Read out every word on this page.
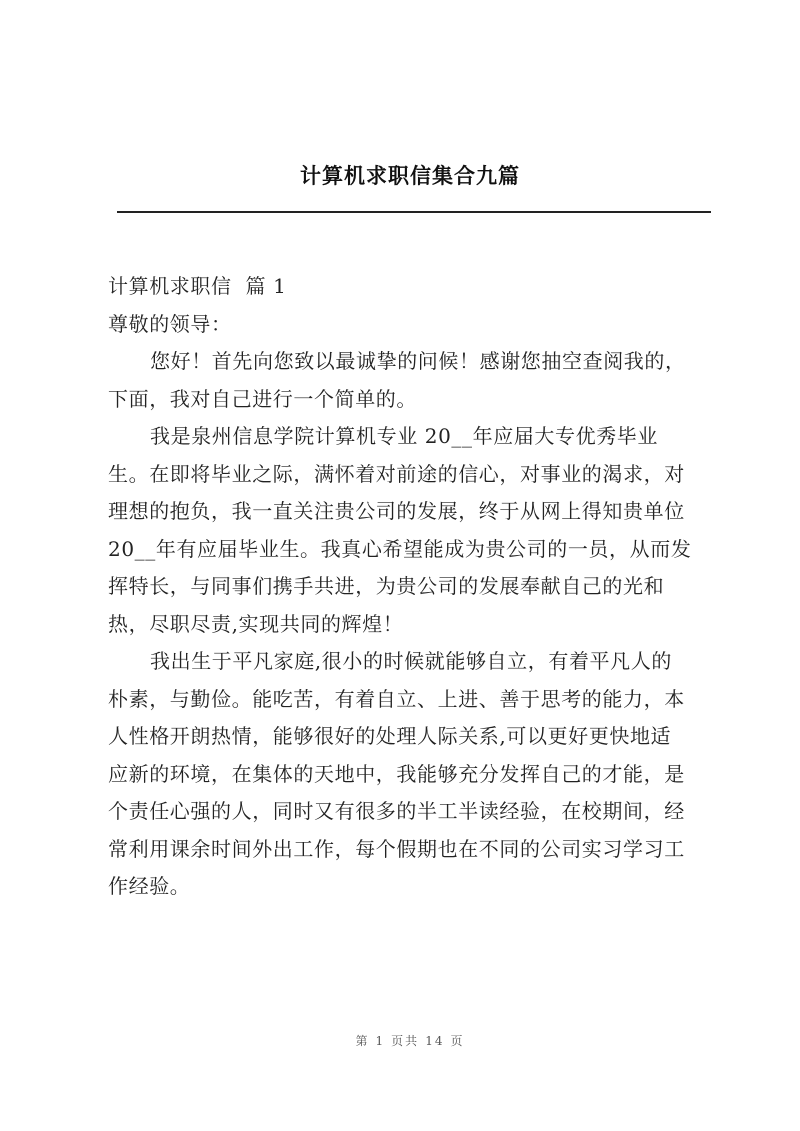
计算机求职信集合九篇
计算机求职信  篇 1
尊敬的领导：
您好！首先向您致以最诚挚的问候！感谢您抽空查阅我的，
下面，我对自己进行一个简单的。
我是泉州信息学院计算机专业 20__年应届大专优秀毕业
生。在即将毕业之际，满怀着对前途的信心，对事业的渴求，对
理想的抱负，我一直关注贵公司的发展，终于从网上得知贵单位
20__年有应届毕业生。我真心希望能成为贵公司的一员，从而发
挥特长，与同事们携手共进，为贵公司的发展奉献自己的光和
热，尽职尽责,实现共同的辉煌！
我出生于平凡家庭,很小的时候就能够自立，有着平凡人的
朴素，与勤俭。能吃苦，有着自立、上进、善于思考的能力，本
人性格开朗热情，能够很好的处理人际关系,可以更好更快地适
应新的环境，在集体的天地中，我能够充分发挥自己的才能，是
个责任心强的人，同时又有很多的半工半读经验，在校期间，经
常利用课余时间外出工作，每个假期也在不同的公司实习学习工
作经验。
第 1 页共 14 页
